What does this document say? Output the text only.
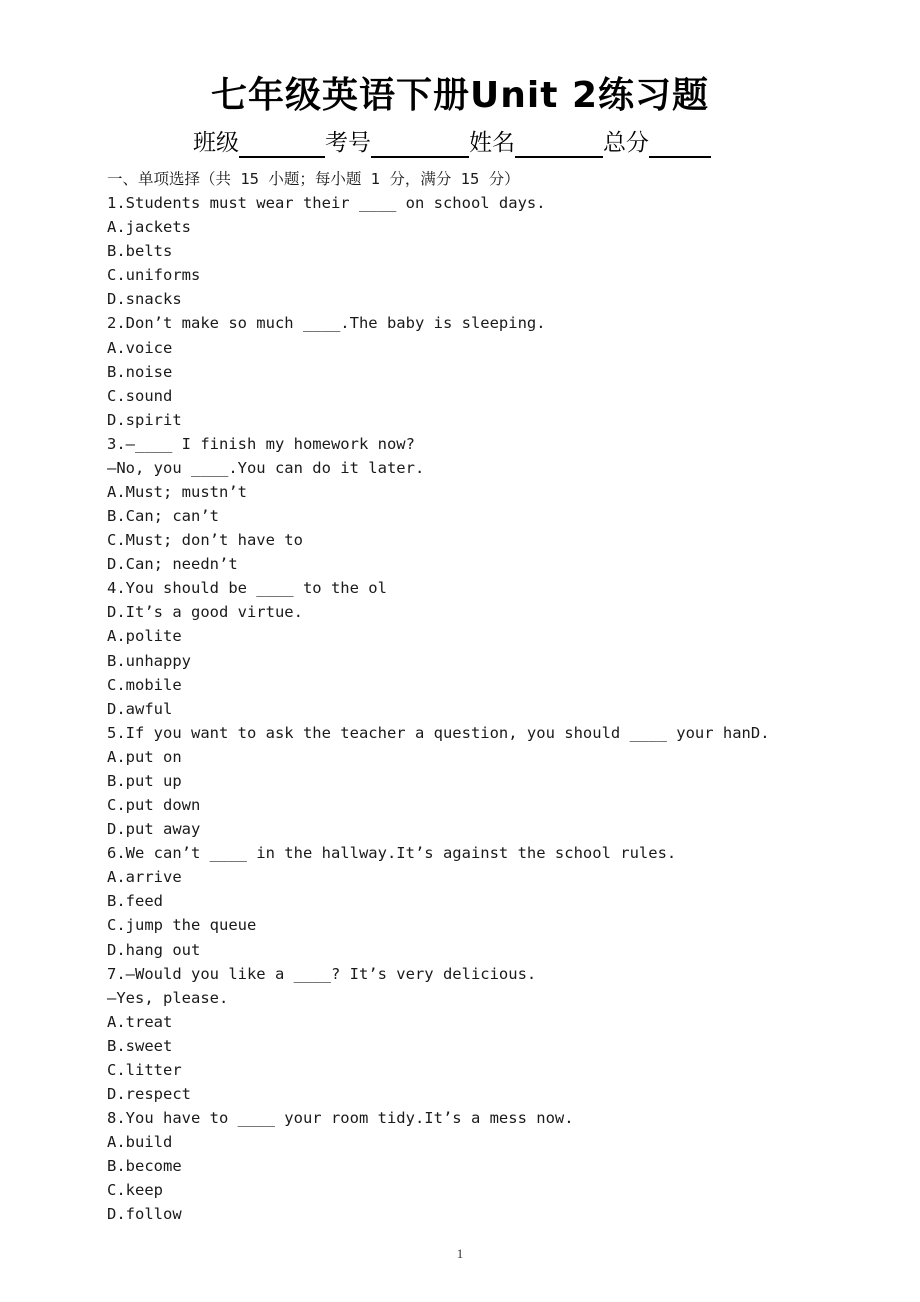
七年级英语下册Unit 2练习题
班级	考号	姓名	总分
一、单项选择（共 15 小题；每小题 1 分，满分 15 分）
1.Students must wear their ____ on school days.
A.jackets
B.belts
C.uniforms
D.snacks
2.Don’t make so much ____.The baby is sleeping.
A.voice
B.noise
C.sound
D.spirit
3.—____ I finish my homework now?
—No, you ____.You can do it later.
A.Must; mustn’t
B.Can; can’t
C.Must; don’t have to
D.Can; needn’t
4.You should be ____ to the ol
D.It’s a good virtue.
A.polite
B.unhappy
C.mobile
D.awful
5.If you want to ask the teacher a question, you should ____ your hanD.
A.put on
B.put up
C.put down
D.put away
6.We can’t ____ in the hallway.It’s against the school rules.
A.arrive
B.feed
C.jump the queue
D.hang out
7.—Would you like a ____? It’s very delicious.
—Yes, please.
A.treat
B.sweet
C.litter
D.respect
8.You have to ____ your room tidy.It’s a mess now.
A.build
B.become
C.keep
D.follow
1
